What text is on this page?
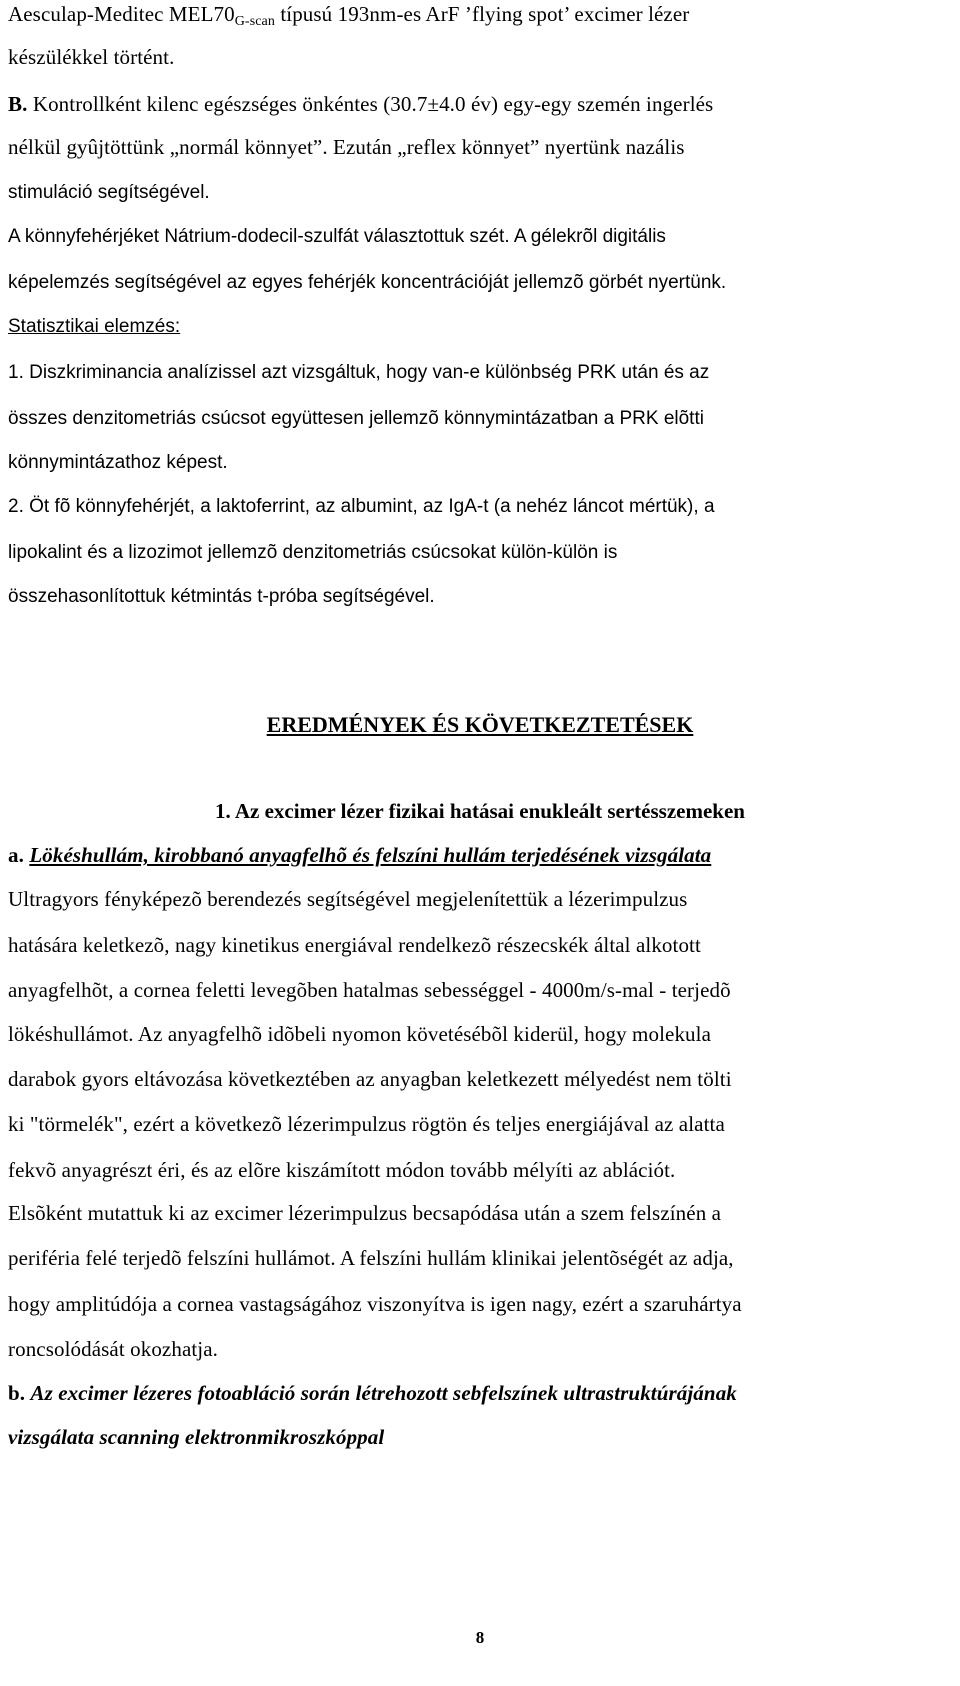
Aesculap-Meditec $MEL70_{G-scan}$ típusú 193nm-es ArF ’flying spot’ excimer lézer
készülékkel történt.
B. Kontrollként kilenc egészséges önkéntes (30.7±4.0 év) egy-egy szemén ingerlés
nélkül gyûjtöttünk „normál könnyet”. Ezután „reflex könnyet” nyertünk nazális
stimuláció segítségével.
A könnyfehérjéket Nátrium-dodecil-szulfát választottuk szét. A gélekrõl digitális
képelemzés segítségével az egyes fehérjék koncentrációját jellemzõ görbét nyertünk.
Statisztikai elemzés:
1. Diszkriminancia analízissel azt vizsgáltuk, hogy van-e különbség PRK után és az
összes denzitometriás csúcsot együttesen jellemzõ könnymintázatban a PRK elõtti
könnymintázathoz képest.
2. Öt fõ könnyfehérjét, a laktoferrint, az albumint, az IgA-t (a nehéz láncot mértük), a
lipokalint és a lizozimot jellemzõ denzitometriás csúcsokat külön-külön is
összehasonlítottuk kétmintás t-próba segítségével.
EREDMÉNYEK ÉS KÖVETKEZTETÉSEK
1. Az excimer lézer fizikai hatásai enukleált sertésszemeken
a. Lökéshullám, kirobbanó anyagfelhõ és felszíni hullám terjedésének vizsgálata
Ultragyors fényképezõ berendezés segítségével megjelenítettük a lézerimpulzus
hatására keletkezõ, nagy kinetikus energiával rendelkezõ részecskék által alkotott
anyagfelhõt, a cornea feletti levegõben hatalmas sebességgel - 4000m/s-mal - terjedõ
lökéshullámot. Az anyagfelhõ idõbeli nyomon követésébõl kiderül, hogy molekula
darabok gyors eltávozása következtében az anyagban keletkezett mélyedést nem tölti
ki "törmelék", ezért a következõ lézerimpulzus rögtön és teljes energiájával az alatta
fekvõ anyagrészt éri, és az elõre kiszámított módon tovább mélyíti az ablációt.
Elsõként mutattuk ki az excimer lézerimpulzus becsapódása után a szem felszínén a
periféria felé terjedõ felszíni hullámot. A felszíni hullám klinikai jelentõségét az adja,
hogy amplitúdója a cornea vastagságához viszonyítva is igen nagy, ezért a szaruhártya
roncsolódását okozhatja.
b. Az excimer lézeres fotoabláció során létrehozott sebfelszínek ultrastruktúrájának
vizsgálata scanning elektronmikroszkóppal
8
